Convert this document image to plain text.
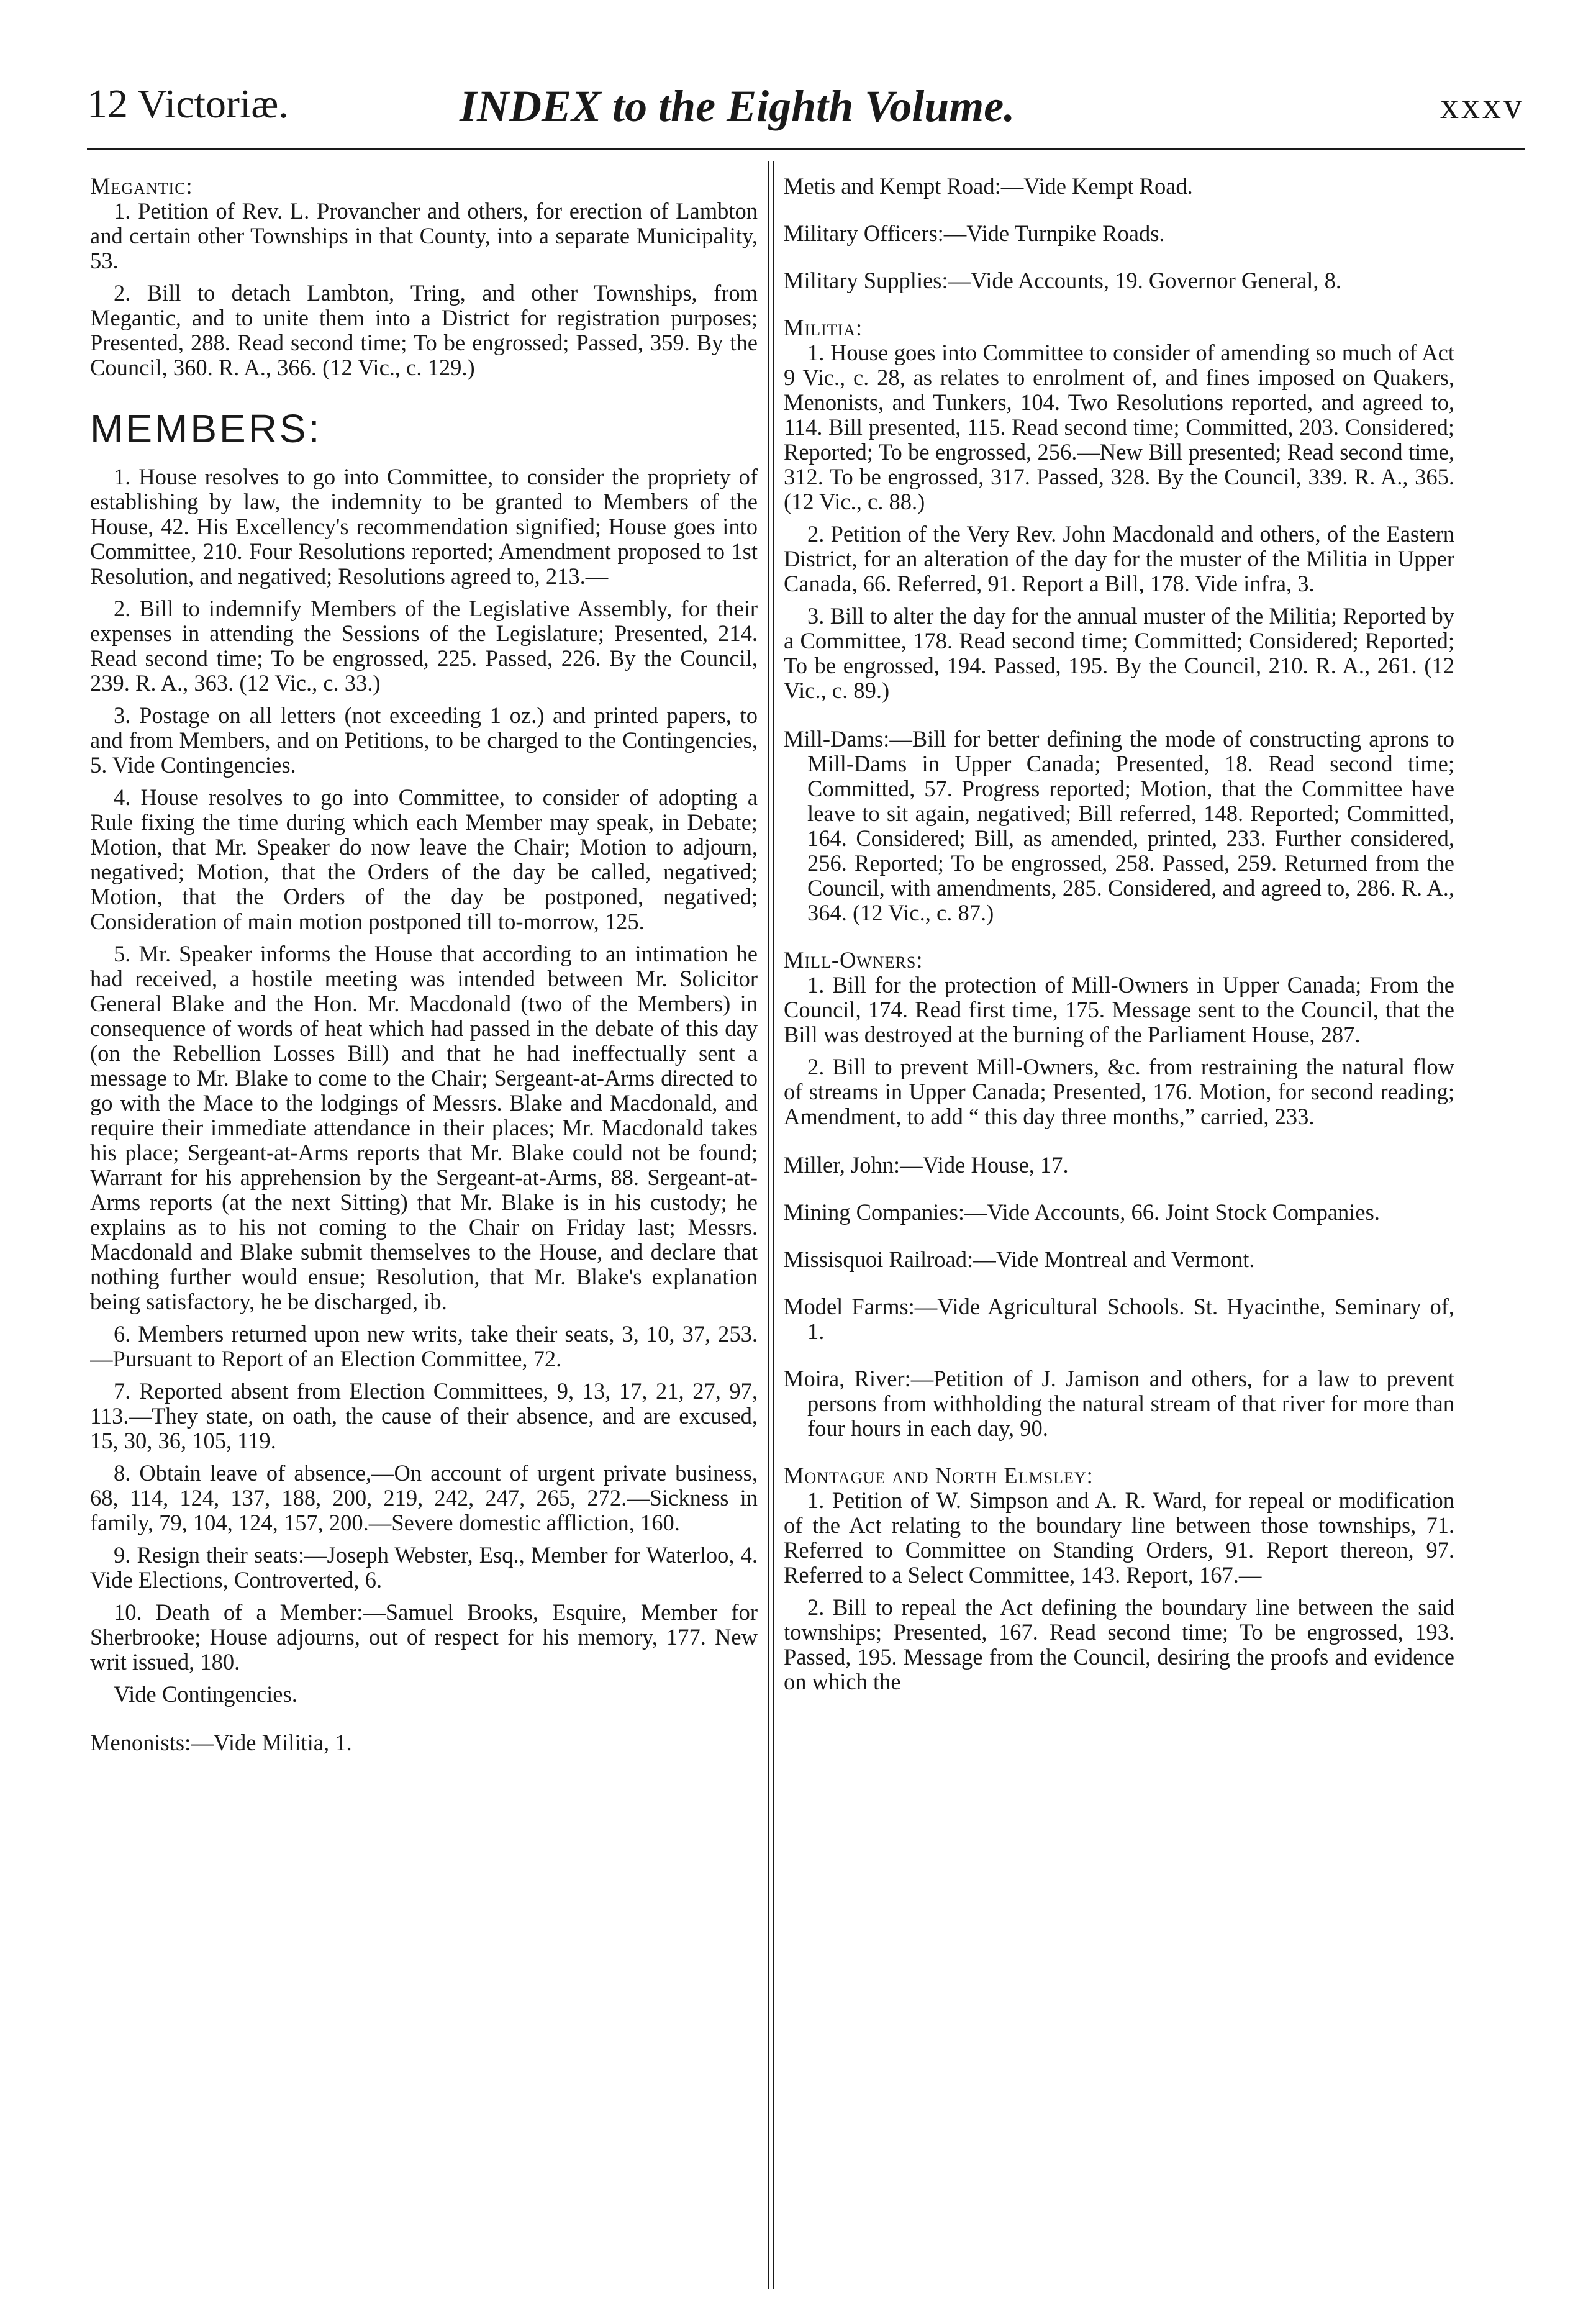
12 Victoriæ.	INDEX to the Eighth Volume.	xxxv
Megantic:

1. Petition of Rev. L. Provancher and others, for erection of Lambton and certain other Townships in that County, into a separate Municipality, 53.

2. Bill to detach Lambton, Tring, and other Townships, from Megantic, and to unite them into a District for registration purposes; Presented, 288. Read second time; To be engrossed; Passed, 359. By the Council, 360. R. A., 366. (12 Vic., c. 129.)

MEMBERS:

1. House resolves to go into Committee, to consider the propriety of establishing by law, the indemnity to be granted to Members of the House, 42. His Excellency's recommendation signified; House goes into Committee, 210. Four Resolutions reported; Amendment proposed to 1st Resolution, and negatived; Resolutions agreed to, 213.—

2. Bill to indemnify Members of the Legislative Assembly, for their expenses in attending the Sessions of the Legislature; Presented, 214. Read second time; To be engrossed, 225. Passed, 226. By the Council, 239. R. A., 363. (12 Vic., c. 33.)

3. Postage on all letters (not exceeding 1 oz.) and printed papers, to and from Members, and on Petitions, to be charged to the Contingencies, 5. Vide Contingencies.

4. House resolves to go into Committee, to consider of adopting a Rule fixing the time during which each Member may speak, in Debate; Motion, that Mr. Speaker do now leave the Chair; Motion to adjourn, negatived; Motion, that the Orders of the day be called, negatived; Motion, that the Orders of the day be postponed, negatived; Consideration of main motion postponed till to-morrow, 125.

5. Mr. Speaker informs the House that according to an intimation he had received, a hostile meeting was intended between Mr. Solicitor General Blake and the Hon. Mr. Macdonald (two of the Members) in consequence of words of heat which had passed in the debate of this day (on the Rebellion Losses Bill) and that he had ineffectually sent a message to Mr. Blake to come to the Chair; Sergeant-at-Arms directed to go with the Mace to the lodgings of Messrs. Blake and Macdonald, and require their immediate attendance in their places; Mr. Macdonald takes his place; Sergeant-at-Arms reports that Mr. Blake could not be found; Warrant for his apprehension by the Sergeant-at-Arms, 88. Sergeant-at-Arms reports (at the next Sitting) that Mr. Blake is in his custody; he explains as to his not coming to the Chair on Friday last; Messrs. Macdonald and Blake submit themselves to the House, and declare that nothing further would ensue; Resolution, that Mr. Blake's explanation being satisfactory, he be discharged, ib.

6. Members returned upon new writs, take their seats, 3, 10, 37, 253.—Pursuant to Report of an Election Committee, 72.

7. Reported absent from Election Committees, 9, 13, 17, 21, 27, 97, 113.—They state, on oath, the cause of their absence, and are excused, 15, 30, 36, 105, 119.

8. Obtain leave of absence,—On account of urgent private business, 68, 114, 124, 137, 188, 200, 219, 242, 247, 265, 272.—Sickness in family, 79, 104, 124, 157, 200.—Severe domestic affliction, 160.

9. Resign their seats:—Joseph Webster, Esq., Member for Waterloo, 4. Vide Elections, Controverted, 6.

10. Death of a Member:—Samuel Brooks, Esquire, Member for Sherbrooke; House adjourns, out of respect for his memory, 177. New writ issued, 180.

Vide Contingencies.

Menonists:—Vide Militia, 1.
Metis and Kempt Road:—Vide Kempt Road.
Military Officers:—Vide Turnpike Roads.
Military Supplies:—Vide Accounts, 19. Governor General, 8.
Militia:

1. House goes into Committee to consider of amending so much of Act 9 Vic., c. 28, as relates to enrolment of, and fines imposed on Quakers, Menonists, and Tunkers, 104. Two Resolutions reported, and agreed to, 114. Bill presented, 115. Read second time; Committed, 203. Considered; Reported; To be engrossed, 256.—New Bill presented; Read second time, 312. To be engrossed, 317. Passed, 328. By the Council, 339. R. A., 365. (12 Vic., c. 88.)

2. Petition of the Very Rev. John Macdonald and others, of the Eastern District, for an alteration of the day for the muster of the Militia in Upper Canada, 66. Referred, 91. Report a Bill, 178. Vide infra, 3.

3. Bill to alter the day for the annual muster of the Militia; Reported by a Committee, 178. Read second time; Committed; Considered; Reported; To be engrossed, 194. Passed, 195. By the Council, 210. R. A., 261. (12 Vic., c. 89.)

Mill-Dams:—Bill for better defining the mode of constructing aprons to Mill-Dams in Upper Canada; Presented, 18. Read second time; Committed, 57. Progress reported; Motion, that the Committee have leave to sit again, negatived; Bill referred, 148. Reported; Committed, 164. Considered; Bill, as amended, printed, 233. Further considered, 256. Reported; To be engrossed, 258. Passed, 259. Returned from the Council, with amendments, 285. Considered, and agreed to, 286. R. A., 364. (12 Vic., c. 87.)
Mill-Owners:

1. Bill for the protection of Mill-Owners in Upper Canada; From the Council, 174. Read first time, 175. Message sent to the Council, that the Bill was destroyed at the burning of the Parliament House, 287.

2. Bill to prevent Mill-Owners, &c. from restraining the natural flow of streams in Upper Canada; Presented, 176. Motion, for second reading; Amendment, to add “ this day three months,” carried, 233.

Miller, John:—Vide House, 17.
Mining Companies:—Vide Accounts, 66. Joint Stock Companies.
Missisquoi Railroad:—Vide Montreal and Vermont.
Model Farms:—Vide Agricultural Schools. St. Hyacinthe, Seminary of, 1.
Moira, River:—Petition of J. Jamison and others, for a law to prevent persons from withholding the natural stream of that river for more than four hours in each day, 90.
Montague and North Elmsley:

1. Petition of W. Simpson and A. R. Ward, for repeal or modification of the Act relating to the boundary line between those townships, 71. Referred to Committee on Standing Orders, 91. Report thereon, 97. Referred to a Select Committee, 143. Report, 167.—

2. Bill to repeal the Act defining the boundary line between the said townships; Presented, 167. Read second time; To be engrossed, 193. Passed, 195. Message from the Council, desiring the proofs and evidence on which the
